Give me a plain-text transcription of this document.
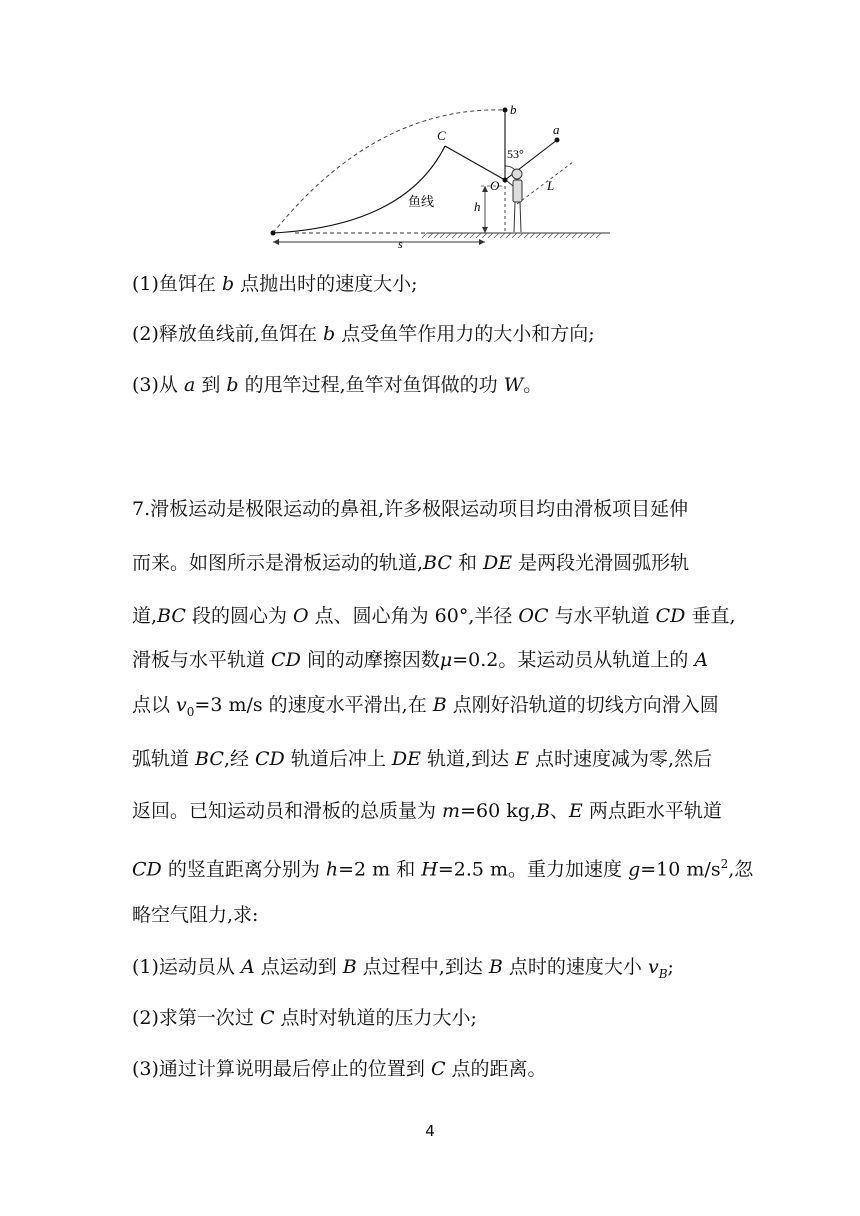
b
a
C
O	L
h
s
53°
鱼线
(1)鱼饵在 b 点抛出时的速度大小;
(2)释放鱼线前,鱼饵在 b 点受鱼竿作用力的大小和方向;
(3)从 a 到 b 的甩竿过程,鱼竿对鱼饵做的功 W。
7.滑板运动是极限运动的鼻祖,许多极限运动项目均由滑板项目延伸
而来。如图所示是滑板运动的轨道,BC 和 DE 是两段光滑圆弧形轨
道,BC 段的圆心为 O 点、圆心角为 60°,半径 OC 与水平轨道 CD 垂直,
滑板与水平轨道 CD 间的动摩擦因数μ=0.2。某运动员从轨道上的 A
点以 $v_0=3$ m/s 的速度水平滑出,在 B 点刚好沿轨道的切线方向滑入圆
弧轨道 BC,经 CD 轨道后冲上 DE 轨道,到达 E 点时速度减为零,然后
返回。已知运动员和滑板的总质量为 m=60 kg,B、E 两点距水平轨道
CD 的竖直距离分别为 h=2 m 和 H=2.5 m。重力加速度 g=10 $m/s^2$,忽
略空气阻力,求:
(1)运动员从 A 点运动到 B 点过程中,到达 B 点时的速度大小 $v_B$;
(2)求第一次过 C 点时对轨道的压力大小;
(3)通过计算说明最后停止的位置到 C 点的距离。
4
